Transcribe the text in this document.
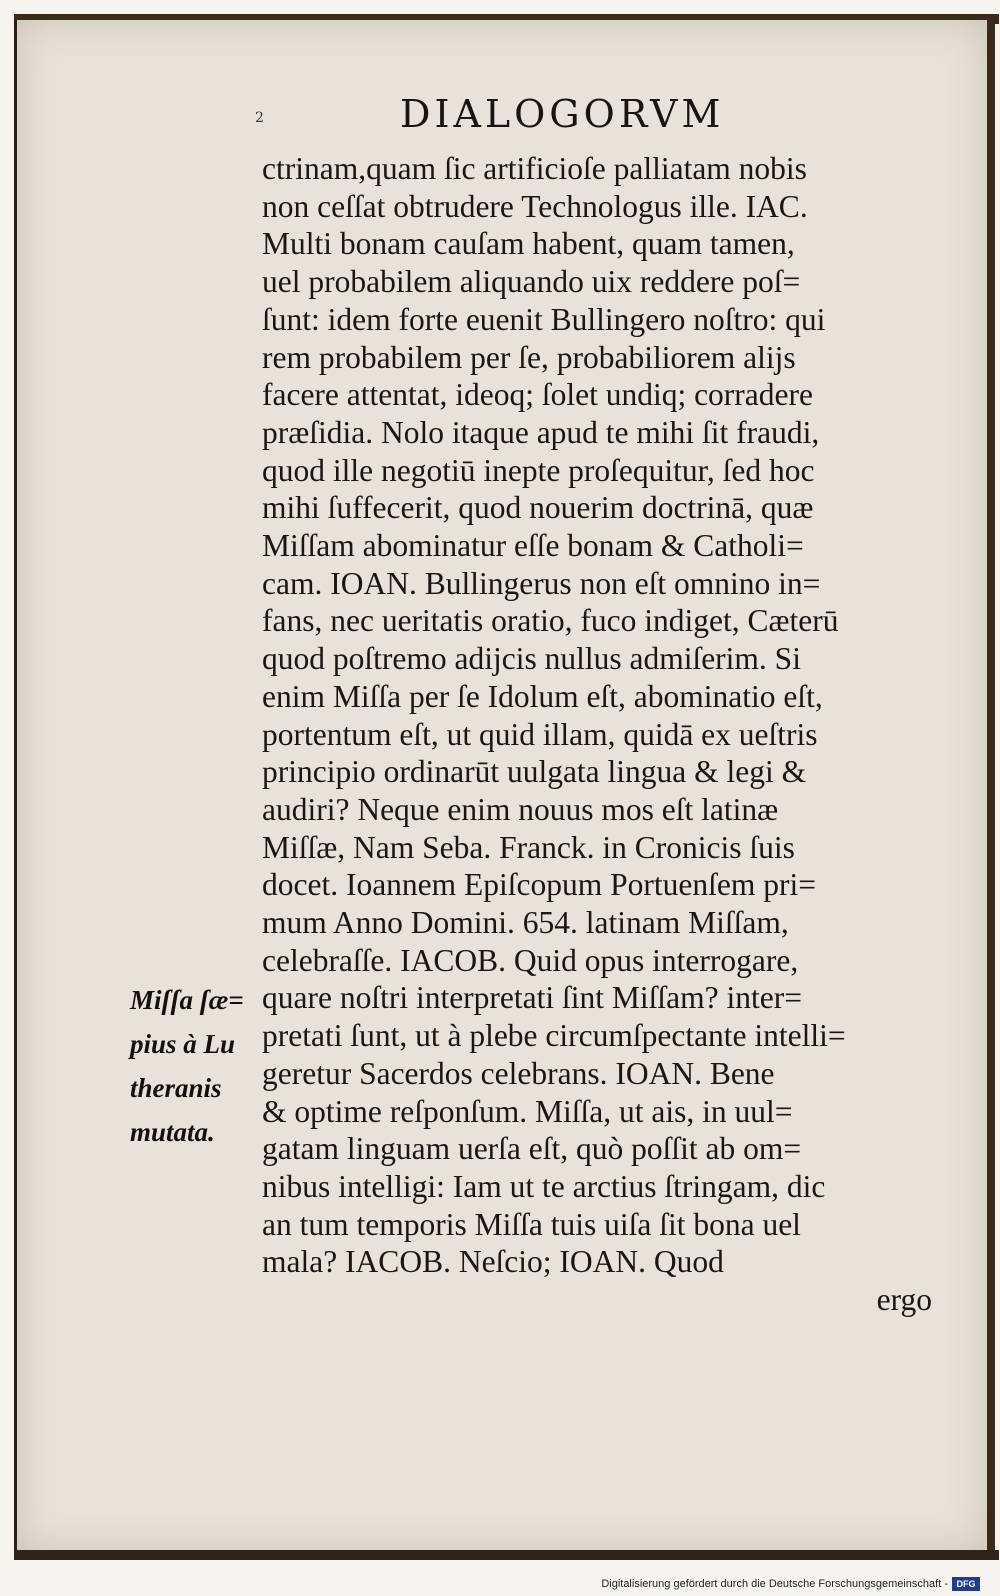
2	DIALOGORVM
ctrinam,quam ſic artificioſe palliatam nobis
non ceſſat obtrudere Technologus ille. IAC.
Multi bonam cauſam habent, quam tamen,
uel probabilem aliquando uix reddere poſ=
ſunt: idem forte euenit Bullingero noſtro: qui
rem probabilem per ſe, probabiliorem alijs
facere attentat, ideoq; ſolet undiq; corradere
præſidia. Nolo itaque apud te mihi ſit fraudi,
quod ille negotiū inepte proſequitur, ſed hoc
mihi ſuffecerit, quod nouerim doctrinā, quæ
Miſſam abominatur eſſe bonam & Catholi=
cam. IOAN. Bullingerus non eſt omnino in=
fans, nec ueritatis oratio, fuco indiget, Cæterū
quod poſtremo adijcis nullus admiſerim. Si
enim Miſſa per ſe Idolum eſt, abominatio eſt,
portentum eſt, ut quid illam, quidā ex ueſtris
principio ordinarūt uulgata lingua & legi &
audiri? Neque enim nouus mos eſt latinæ
Miſſæ, Nam Seba. Franck. in Cronicis ſuis
docet. Ioannem Epiſcopum Portuenſem pri=
mum Anno Domini. 654. latinam Miſſam,
celebraſſe. IACOB. Quid opus interrogare,
quare noſtri interpretati ſint Miſſam? inter=
pretati ſunt, ut à plebe circumſpectante intelli=
geretur Sacerdos celebrans. IOAN. Bene
& optime reſponſum. Miſſa, ut ais, in uul=
gatam linguam uerſa eſt, quò poſſit ab om=
nibus intelligi: Iam ut te arctius ſtringam, dic
an tum temporis Miſſa tuis uiſa ſit bona uel
mala? IACOB. Neſcio; IOAN. Quod
ergo
Miſſa ſæ=
pius à Lu
theranis
mutata.
Digitalisierung gefördert durch die Deutsche Forschungsgemeinschaft - DFG
